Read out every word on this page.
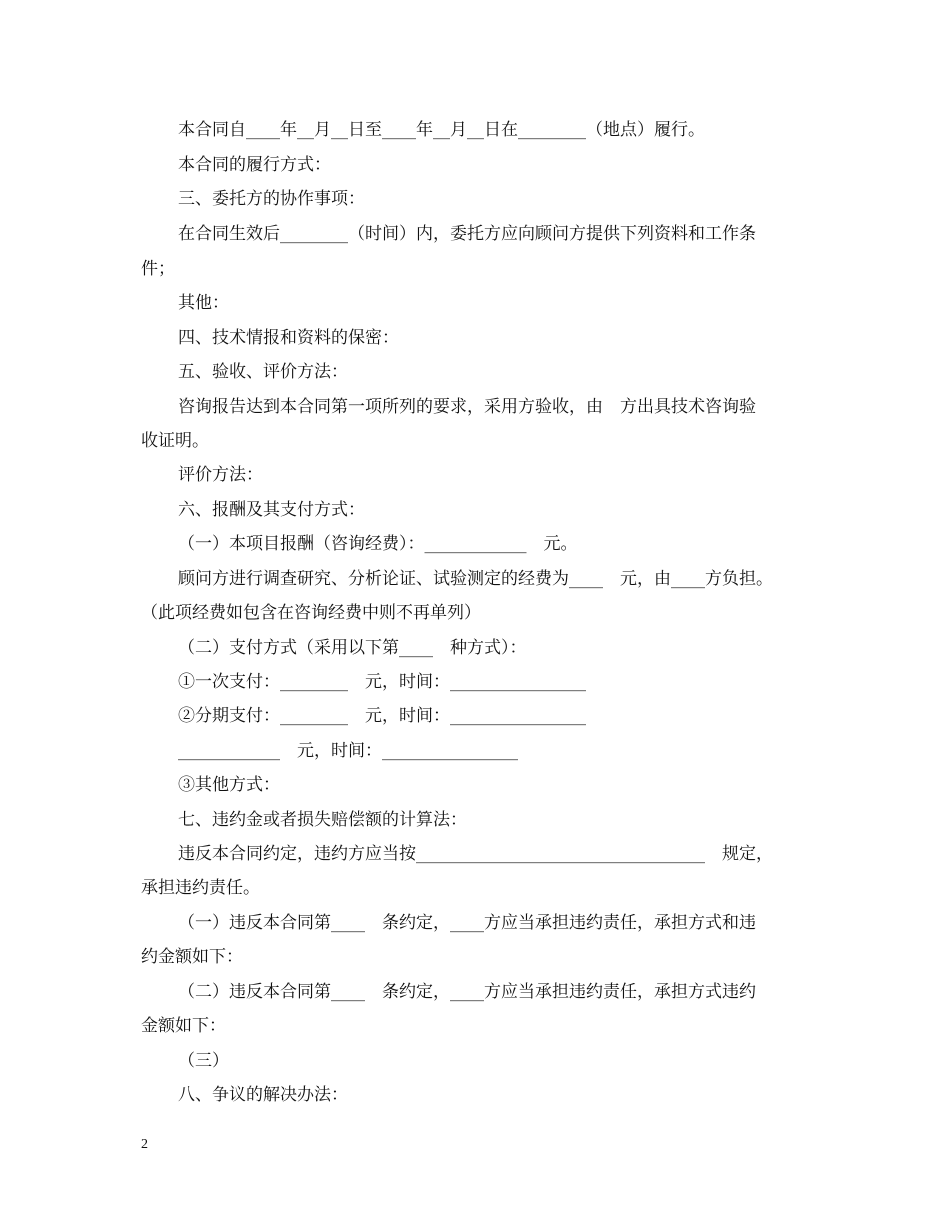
本合同自____年__月__日至____年__月__日在________（地点）履行。

本合同的履行方式：

三、委托方的协作事项：

在合同生效后________（时间）内，委托方应向顾问方提供下列资料和工作条

件；

其他：

四、技术情报和资料的保密：

五、验收、评价方法：

咨询报告达到本合同第一项所列的要求，采用方验收，由　方出具技术咨询验

收证明。

评价方法：

六、报酬及其支付方式：

（一）本项目报酬（咨询经费）：____________　元。

顾问方进行调查研究、分析论证、试验测定的经费为____　元，由____方负担。

（此项经费如包含在咨询经费中则不再单列）

（二）支付方式（采用以下第____　种方式）：

①一次支付：________　元，时间：________________

②分期支付：________　元，时间：________________

____________　元，时间：________________

③其他方式：

七、违约金或者损失赔偿额的计算法：

违反本合同约定，违约方应当按__________________________________　规定，

承担违约责任。

（一）违反本合同第____　条约定，____方应当承担违约责任，承担方式和违

约金额如下：

（二）违反本合同第____　条约定，____方应当承担违约责任，承担方式违约

金额如下：

（三）

八、争议的解决办法：

2
